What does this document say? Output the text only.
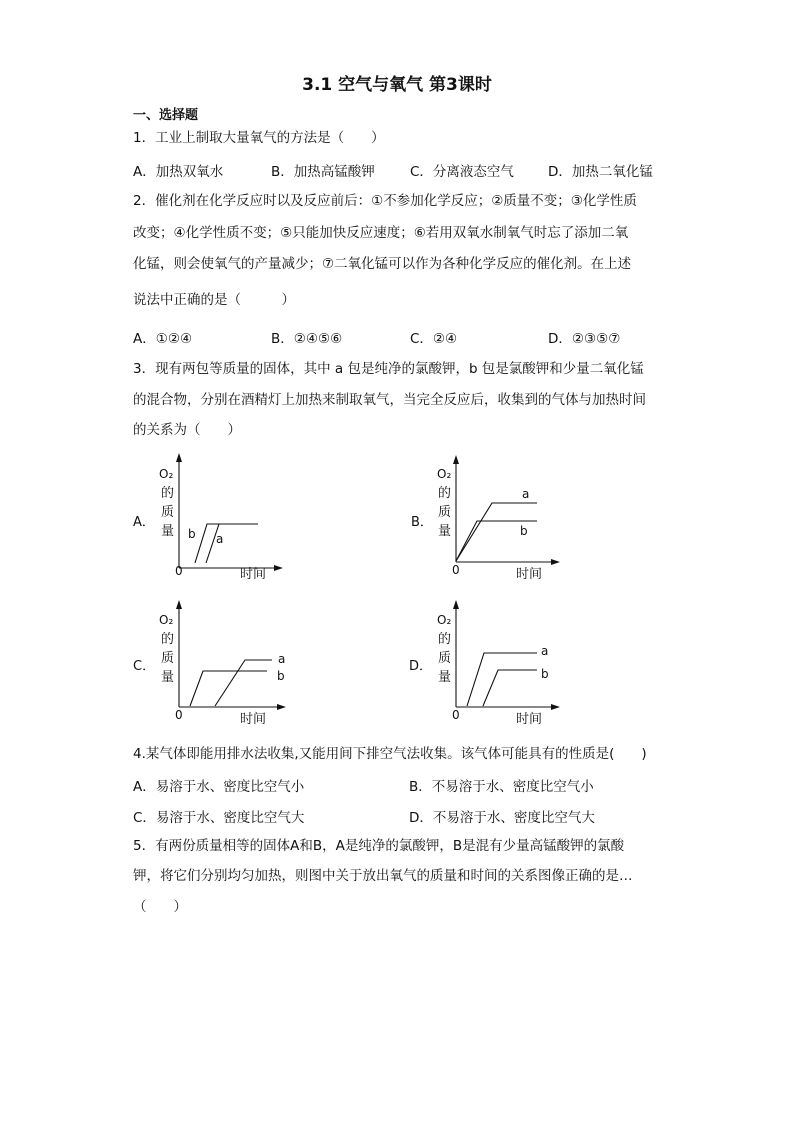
3.1 空气与氧气 第3课时
一、选择题
1．工业上制取大量氧气的方法是（　　）
A．加热双氧水	B．加热高锰酸钾	C．分离液态空气	D．加热二氧化锰
2．催化剂在化学反应时以及反应前后：①不参加化学反应；②质量不变；③化学性质
改变；④化学性质不变；⑤只能加快反应速度；⑥若用双氧水制氧气时忘了添加二氧
化锰，则会使氧气的产量减少；⑦二氧化锰可以作为各种化学反应的催化剂。在上述
说法中正确的是（　　　）
A．①②④	B．②④⑤⑥	C．②④	D．②③⑤⑦
3．现有两包等质量的固体，其中 a 包是纯净的氯酸钾，b 包是氯酸钾和少量二氧化锰
的混合物，分别在酒精灯上加热来制取氧气，当完全反应后，收集到的气体与加热时间
的关系为（　　）
A．
O₂
的
质
量
0	时间
b a
B．
O₂
的
质
量
0	时间
a
b
C．
O₂
的
质
量
0	时间
a
b
D．
O₂
的
质
量
0	时间
a
b
4.某气体即能用排水法收集,又能用间下排空气法收集。该气体可能具有的性质是(　　)
A．易溶于水、密度比空气小	B．不易溶于水、密度比空气小
C．易溶于水、密度比空气大	D．不易溶于水、密度比空气大
5．有两份质量相等的固体A和B，A是纯净的氯酸钾，B是混有少量高锰酸钾的氯酸
钾，将它们分别均匀加热，则图中关于放出氧气的质量和时间的关系图像正确的是…
（　　）
